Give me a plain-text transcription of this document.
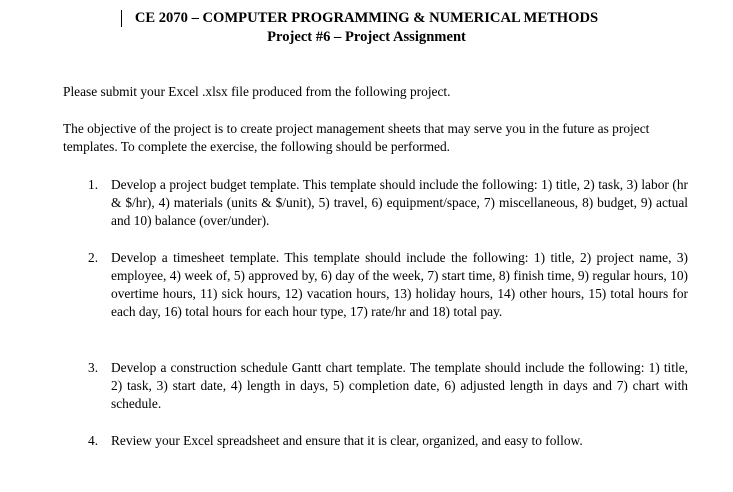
CE 2070 – COMPUTER PROGRAMMING & NUMERICAL METHODS
Project #6 – Project Assignment

Please submit your Excel .xlsx file produced from the following project.

The objective of the project is to create project management sheets that may serve you in the future as project templates. To complete the exercise, the following should be performed.

1. Develop a project budget template. This template should include the following: 1) title, 2) task, 3) labor (hr & $/hr), 4) materials (units & $/unit), 5) travel, 6) equipment/space, 7) miscellaneous, 8) budget, 9) actual and 10) balance (over/under).
2. Develop a timesheet template. This template should include the following: 1) title, 2) project name, 3) employee, 4) week of, 5) approved by, 6) day of the week, 7) start time, 8) finish time, 9) regular hours, 10) overtime hours, 11) sick hours, 12) vacation hours, 13) holiday hours, 14) other hours, 15) total hours for each day, 16) total hours for each hour type, 17) rate/hr and 18) total pay.
3. Develop a construction schedule Gantt chart template. The template should include the following: 1) title, 2) task, 3) start date, 4) length in days, 5) completion date, 6) adjusted length in days and 7) chart with schedule.
4. Review your Excel spreadsheet and ensure that it is clear, organized, and easy to follow.
